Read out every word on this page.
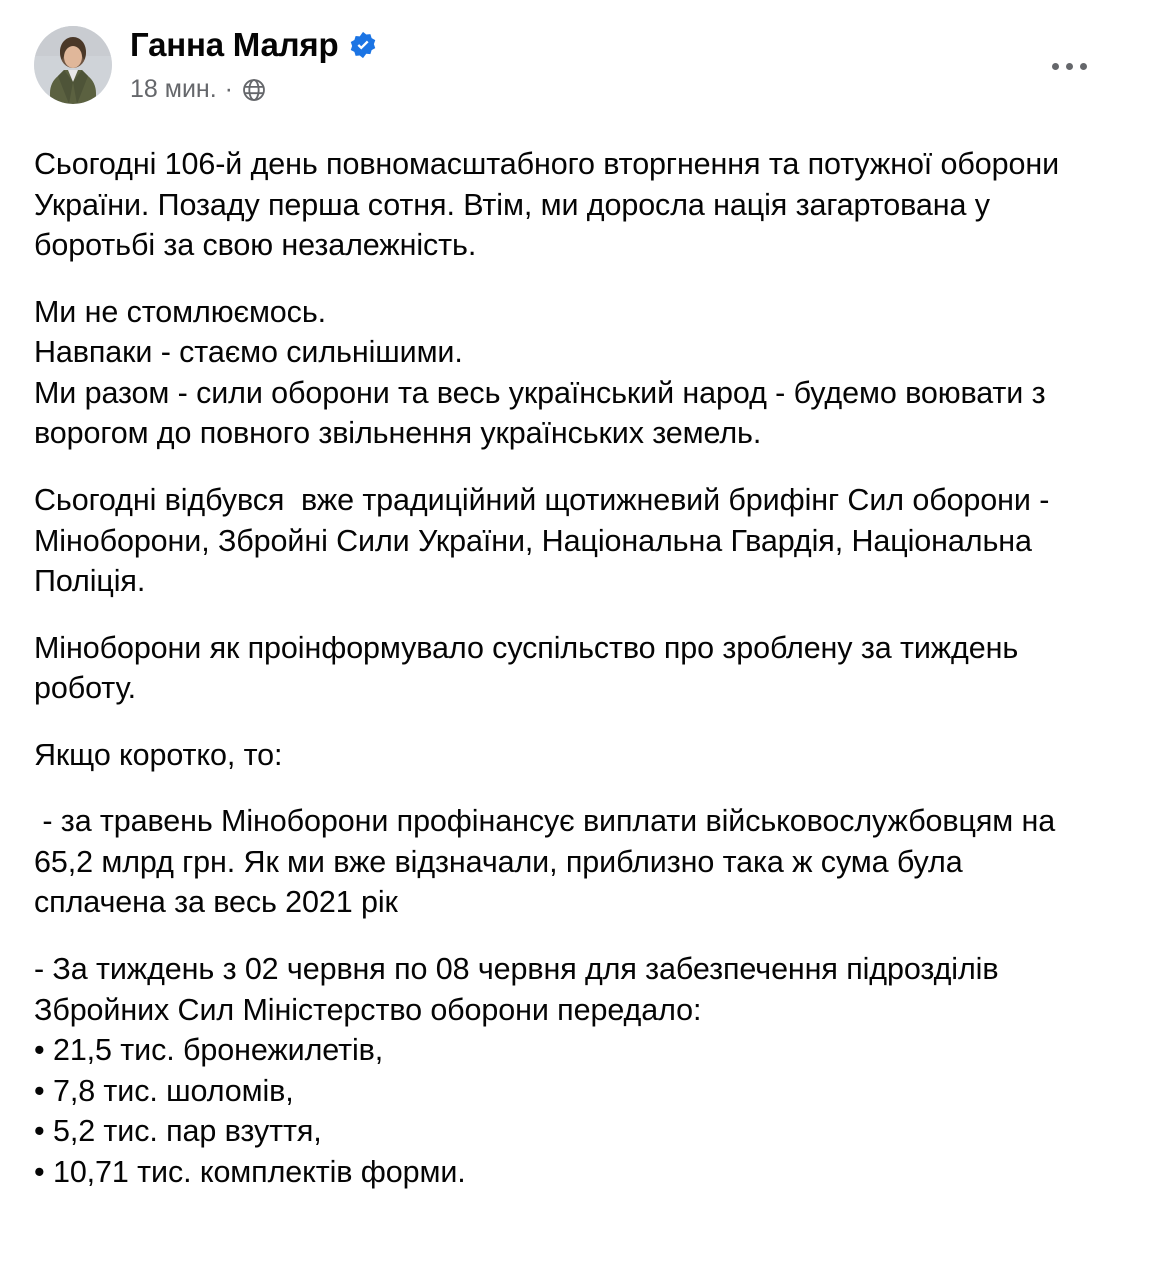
Ганна Маляр
18 мин. ·

Сьогодні 106-й день повномасштабного вторгнення та потужної оборони України. Позаду перша сотня. Втім, ми доросла нація загартована у боротьбі за свою незалежність.

Ми не стомлюємось.

Навпаки - стаємо сильнішими.

Ми разом - сили оборони та весь український народ - будемо воювати з ворогом до повного звільнення українських земель.

Сьогодні відбувся  вже традиційний щотижневий брифінг Сил оборони - Міноборони, Збройні Сили України, Національна Гвардія, Національна Поліція.

Міноборони як проінформувало суспільство про зроблену за тиждень роботу.

Якщо коротко, то:

- за травень Міноборони профінансує виплати військовослужбовцям на 65,2 млрд грн. Як ми вже відзначали, приблизно така ж сума була сплачена за весь 2021 рік

- За тиждень з 02 червня по 08 червня для забезпечення підрозділів Збройних Сил Міністерство оборони передало:

• 21,5 тис. бронежилетів,

• 7,8 тис. шоломів,

• 5,2 тис. пар взуття,

• 10,71 тис. комплектів форми.
